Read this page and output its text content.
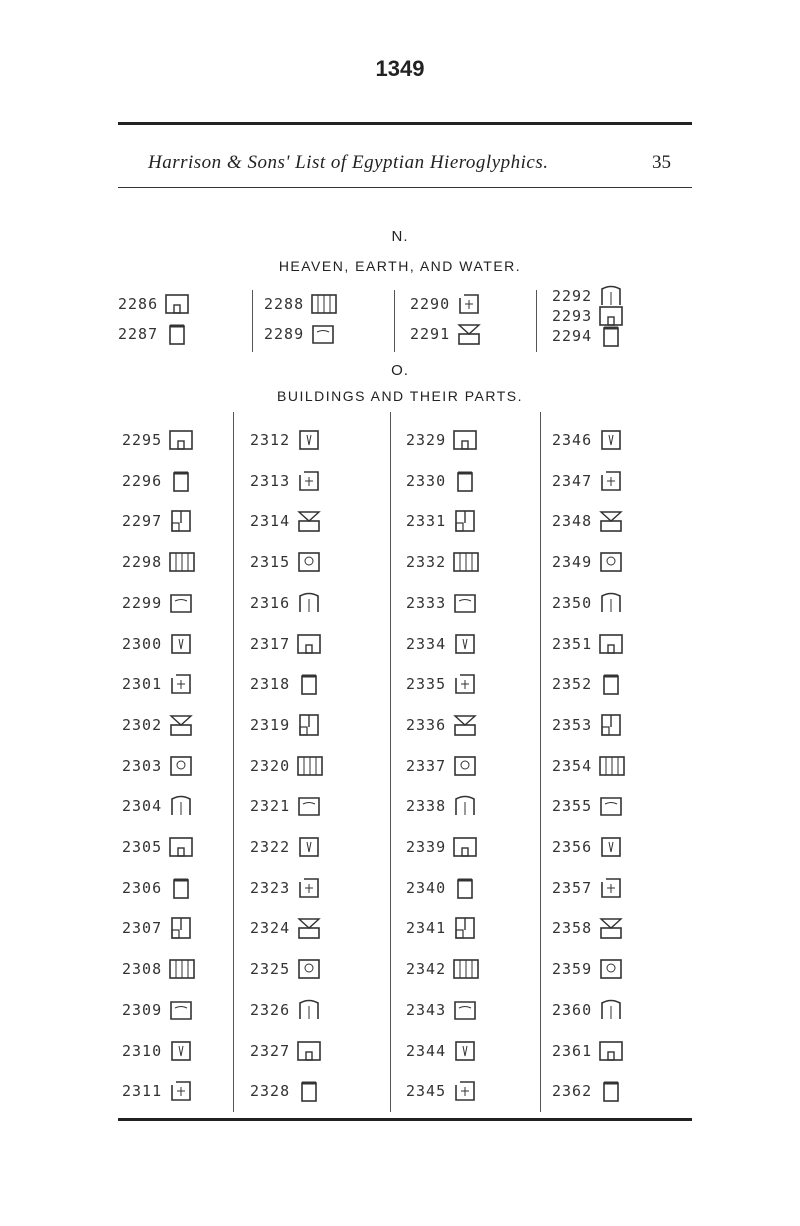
1349
Harrison & Sons' List of Egyptian Hieroglyphics.	35
N.
HEAVEN, EARTH, AND WATER.
O.
BUILDINGS AND THEIR PARTS.
2286
2287
2288
2289
2290
2291
2292
2293
2294
2295
2296
2297
2298
2299
2300
2301
2302
2303
2304
2305
2306
2307
2308
2309
2310
2311
2312
2313
2314
2315
2316
2317
2318
2319
2320
2321
2322
2323
2324
2325
2326
2327
2328
2329
2330
2331
2332
2333
2334
2335
2336
2337
2338
2339
2340
2341
2342
2343
2344
2345
2346
2347
2348
2349
2350
2351
2352
2353
2354
2355
2356
2357
2358
2359
2360
2361
2362
